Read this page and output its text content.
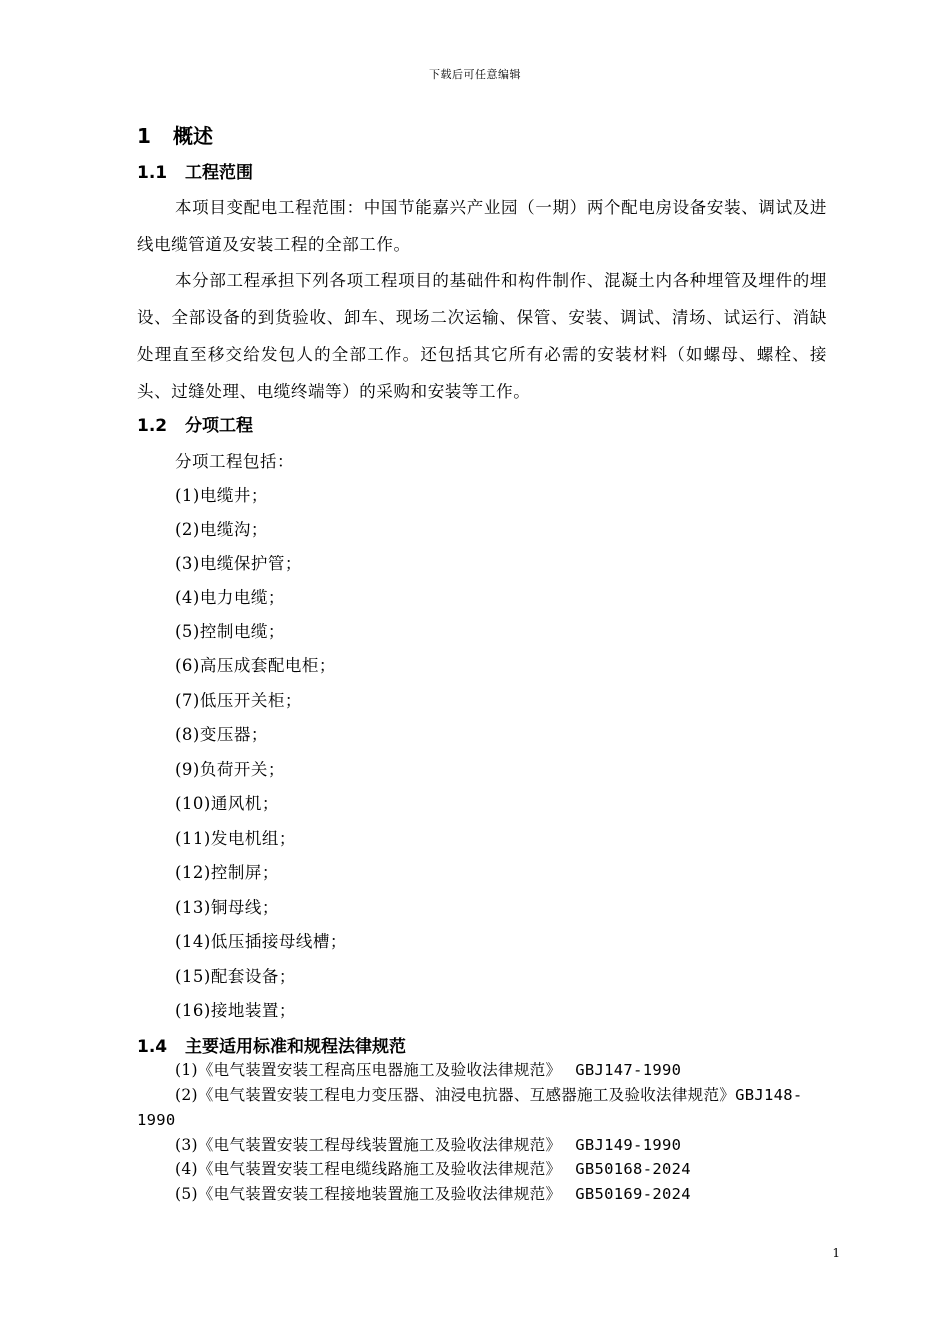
下载后可任意编辑
1 概述
1.1 工程范围
本项目变配电工程范围：中国节能嘉兴产业园（一期）两个配电房设备安装、调试及进线电缆管道及安装工程的全部工作。
本分部工程承担下列各项工程项目的基础件和构件制作、混凝土内各种埋管及埋件的埋设、全部设备的到货验收、卸车、现场二次运输、保管、安装、调试、清场、试运行、消缺处理直至移交给发包人的全部工作。还包括其它所有必需的安装材料（如螺母、螺栓、接头、过缝处理、电缆终端等）的采购和安装等工作。
1.2 分项工程
分项工程包括：
(1)电缆井；
(2)电缆沟；
(3)电缆保护管；
(4)电力电缆；
(5)控制电缆；
(6)高压成套配电柜；
(7)低压开关柜；
(8)变压器；
(9)负荷开关；
(10)通风机；
(11)发电机组；
(12)控制屏；
(13)铜母线；
(14)低压插接母线槽；
(15)配套设备；
(16)接地装置；
1.4 主要适用标准和规程法律规范
(1)《电气装置安装工程高压电器施工及验收法律规范》 GBJ147-1990
(2)《电气装置安装工程电力变压器、油浸电抗器、互感器施工及验收法律规范》GBJ148-1990
(3)《电气装置安装工程母线装置施工及验收法律规范》 GBJ149-1990
(4)《电气装置安装工程电缆线路施工及验收法律规范》 GB50168-2024
(5)《电气装置安装工程接地装置施工及验收法律规范》 GB50169-2024
1
